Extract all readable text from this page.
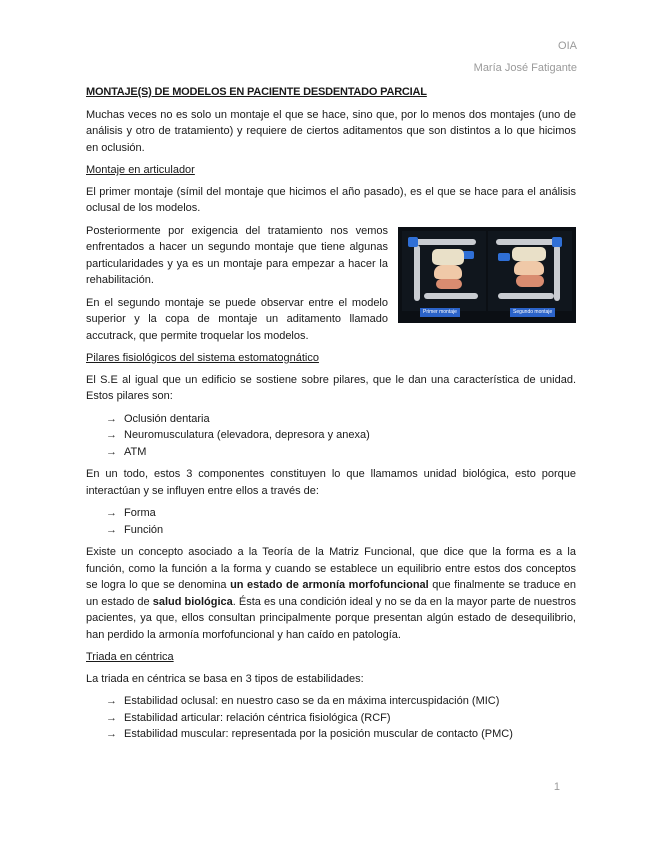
OIA
María José Fatigante
MONTAJE(S) DE MODELOS EN PACIENTE DESDENTADO PARCIAL

Muchas veces no es solo un montaje el que se hace, sino que, por lo menos dos montajes (uno de análisis y otro de tratamiento) y requiere de ciertos aditamentos que son distintos a lo que hicimos en oclusión.

Montaje en articulador

El primer montaje (símil del montaje que hicimos el año pasado), es el que se hace para el análisis oclusal de los modelos.

Primer montaje	Segundo montaje

Posteriormente por exigencia del tratamiento nos vemos enfrentados a hacer un segundo montaje que tiene algunas particularidades y ya es un montaje para empezar a hacer la rehabilitación.

En el segundo montaje se puede observar entre el modelo superior y la copa de montaje un aditamento llamado accutrack, que permite troquelar los modelos.

Pilares fisiológicos del sistema estomatognático

El S.E al igual que un edificio se sostiene sobre pilares, que le dan una característica de unidad. Estos pilares son:

→ Oclusión dentaria
→ Neuromusculatura (elevadora, depresora y anexa)
→ ATM

En un todo, estos 3 componentes constituyen lo que llamamos unidad biológica, esto porque interactúan y se influyen entre ellos a través de:

→ Forma
→ Función

Existe un concepto asociado a la Teoría de la Matriz Funcional, que dice que la forma es a la función, como la función a la forma y cuando se establece un equilibrio entre estos dos conceptos se logra lo que se denomina un estado de armonía morfofuncional que finalmente se traduce en un estado de salud biológica. Ésta es una condición ideal y no se da en la mayor parte de nuestros pacientes, ya que, ellos consultan principalmente porque presentan algún estado de desequilibrio, han perdido la armonía morfofuncional y han caído en patología.

Triada en céntrica

La triada en céntrica se basa en 3 tipos de estabilidades:

→ Estabilidad oclusal: en nuestro caso se da en máxima intercuspidación (MIC)
→ Estabilidad articular: relación céntrica fisiológica (RCF)
→ Estabilidad muscular: representada por la posición muscular de contacto (PMC)
1
